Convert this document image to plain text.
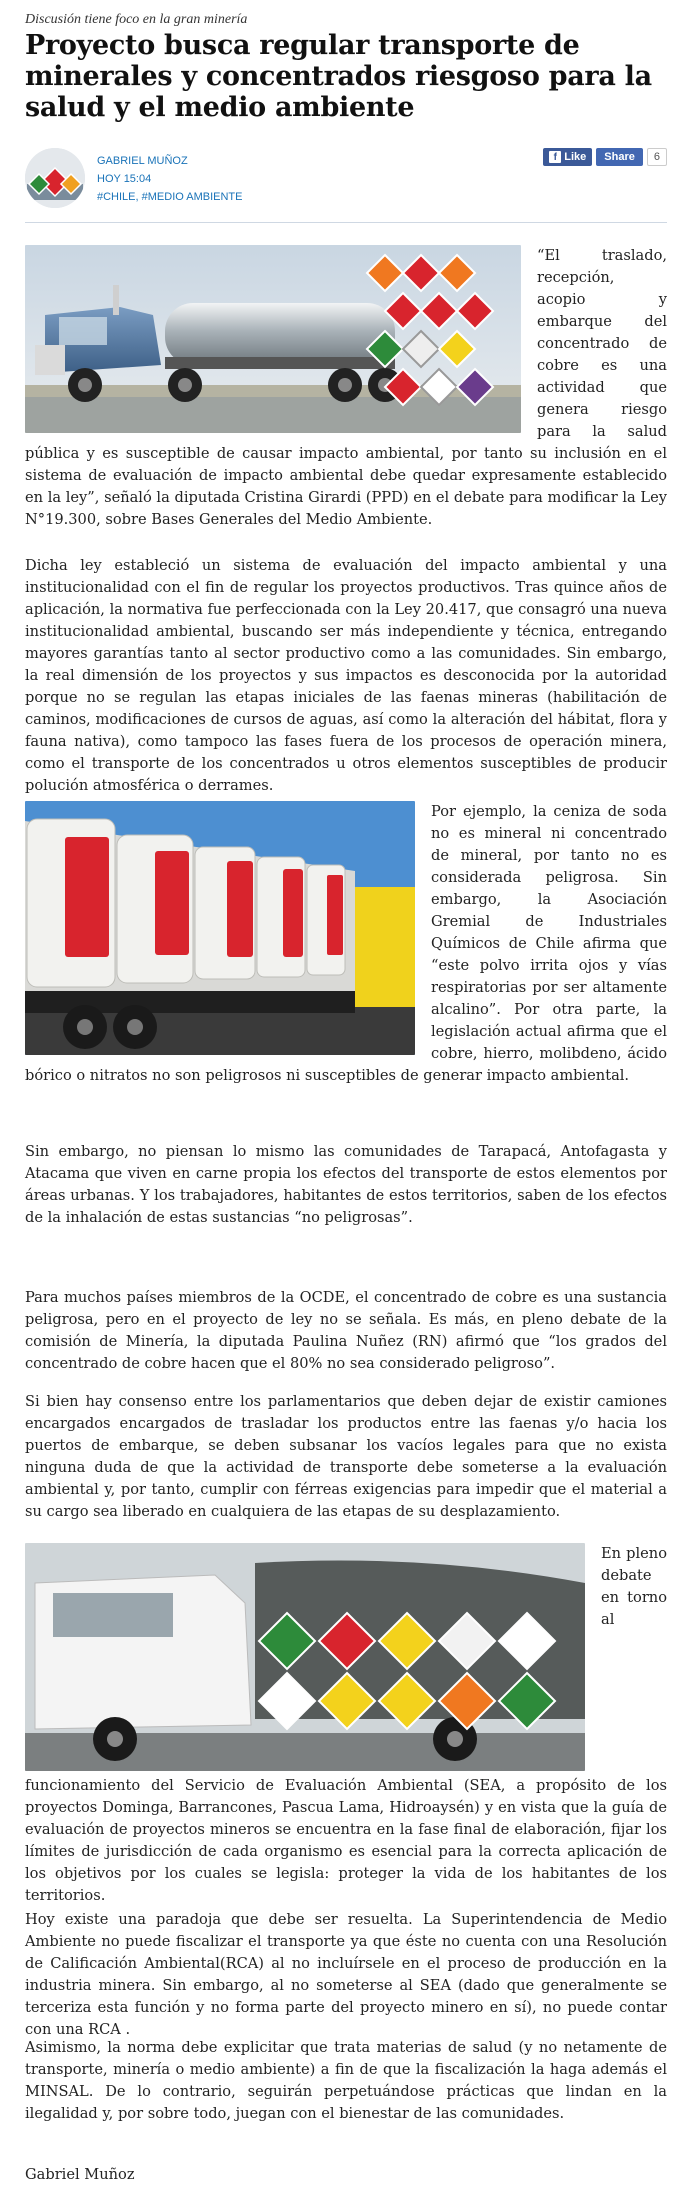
Discusión tiene foco en la gran minería
Proyecto busca regular transporte de minerales y concentrados riesgoso para la salud y el medio ambiente
GABRIEL MUÑOZ
HOY 15:04
#CHILE, #MEDIO AMBIENTE
f Like	Share	6

“El traslado, recepción, acopio y embarque del concentrado de cobre es una actividad que genera riesgo para la salud pública y es susceptible de causar impacto ambiental, por tanto su inclusión en el sistema de evaluación de impacto ambiental debe quedar expresamente establecido en la ley”, señaló la diputada Cristina Girardi (PPD) en el debate para modificar la Ley N°19.300, sobre Bases Generales del Medio Ambiente.

Dicha ley estableció un sistema de evaluación del impacto ambiental y una institucionalidad con el fin de regular los proyectos productivos. Tras quince años de aplicación, la normativa fue perfeccionada con la Ley 20.417, que consagró una nueva institucionalidad ambiental, buscando ser más independiente y técnica, entregando mayores garantías tanto al sector productivo como a las comunidades. Sin embargo, la real dimensión de los proyectos y sus impactos es desconocida por la autoridad porque no se regulan las etapas iniciales de las faenas mineras (habilitación de caminos, modificaciones de cursos de aguas, así como la alteración del hábitat, flora y fauna nativa), como tampoco las fases fuera de los procesos de operación minera, como el transporte de los concentrados u otros elementos susceptibles de producir polución atmosférica o derrames.

Por ejemplo, la ceniza de soda no es mineral ni concentrado de mineral, por tanto no es considerada peligrosa. Sin embargo, la Asociación Gremial de Industriales Químicos de Chile afirma que “este polvo irrita ojos y vías respiratorias por ser altamente alcalino”. Por otra parte, la legislación actual afirma que el cobre, hierro, molibdeno, ácido bórico o nitratos no son peligrosos ni susceptibles de generar impacto ambiental.

Sin embargo, no piensan lo mismo las comunidades de Tarapacá, Antofagasta y Atacama que viven en carne propia los efectos del transporte de estos elementos por áreas urbanas. Y los trabajadores, habitantes de estos territorios, saben de los efectos de la inhalación de estas sustancias “no peligrosas”.

Para muchos países miembros de la OCDE, el concentrado de cobre es una sustancia peligrosa, pero en el proyecto de ley no se señala. Es más, en pleno debate de la comisión de Minería, la diputada Paulina Nuñez (RN) afirmó que “los grados del concentrado de cobre hacen que el 80% no sea considerado peligroso”.

Si bien hay consenso entre los parlamentarios que deben dejar de existir camiones encargados encargados de trasladar los productos entre las faenas y/o hacia los puertos de embarque, se deben subsanar los vacíos legales para que no exista ninguna duda de que la actividad de transporte debe someterse a la evaluación ambiental y, por tanto, cumplir con férreas exigencias para impedir que el material a su cargo sea liberado en cualquiera de las etapas de su desplazamiento.

En pleno debate en torno al funcionamiento del Servicio de Evaluación Ambiental (SEA, a propósito de los proyectos Dominga, Barrancones, Pascua Lama, Hidroaysén) y en vista que la guía de evaluación de proyectos mineros se encuentra en la fase final de elaboración, fijar los límites de jurisdicción de cada organismo es esencial para la correcta aplicación de los objetivos por los cuales se legisla: proteger la vida de los habitantes de los territorios.

Hoy existe una paradoja que debe ser resuelta. La Superintendencia de Medio Ambiente no puede fiscalizar el transporte ya que éste no cuenta con una Resolución de Calificación Ambiental(RCA) al no incluírsele en el proceso de producción en la industria minera. Sin embargo, al no someterse al SEA (dado que generalmente se terceriza esta función y no forma parte del proyecto minero en sí), no puede contar con una RCA .

Asimismo, la norma debe explicitar que trata materias de salud (y no netamente de transporte, minería o medio ambiente) a fin de que la fiscalización la haga además el MINSAL. De lo contrario, seguirán perpetuándose prácticas que lindan en la ilegalidad y, por sobre todo, juegan con el bienestar de las comunidades.

Gabriel Muñoz
